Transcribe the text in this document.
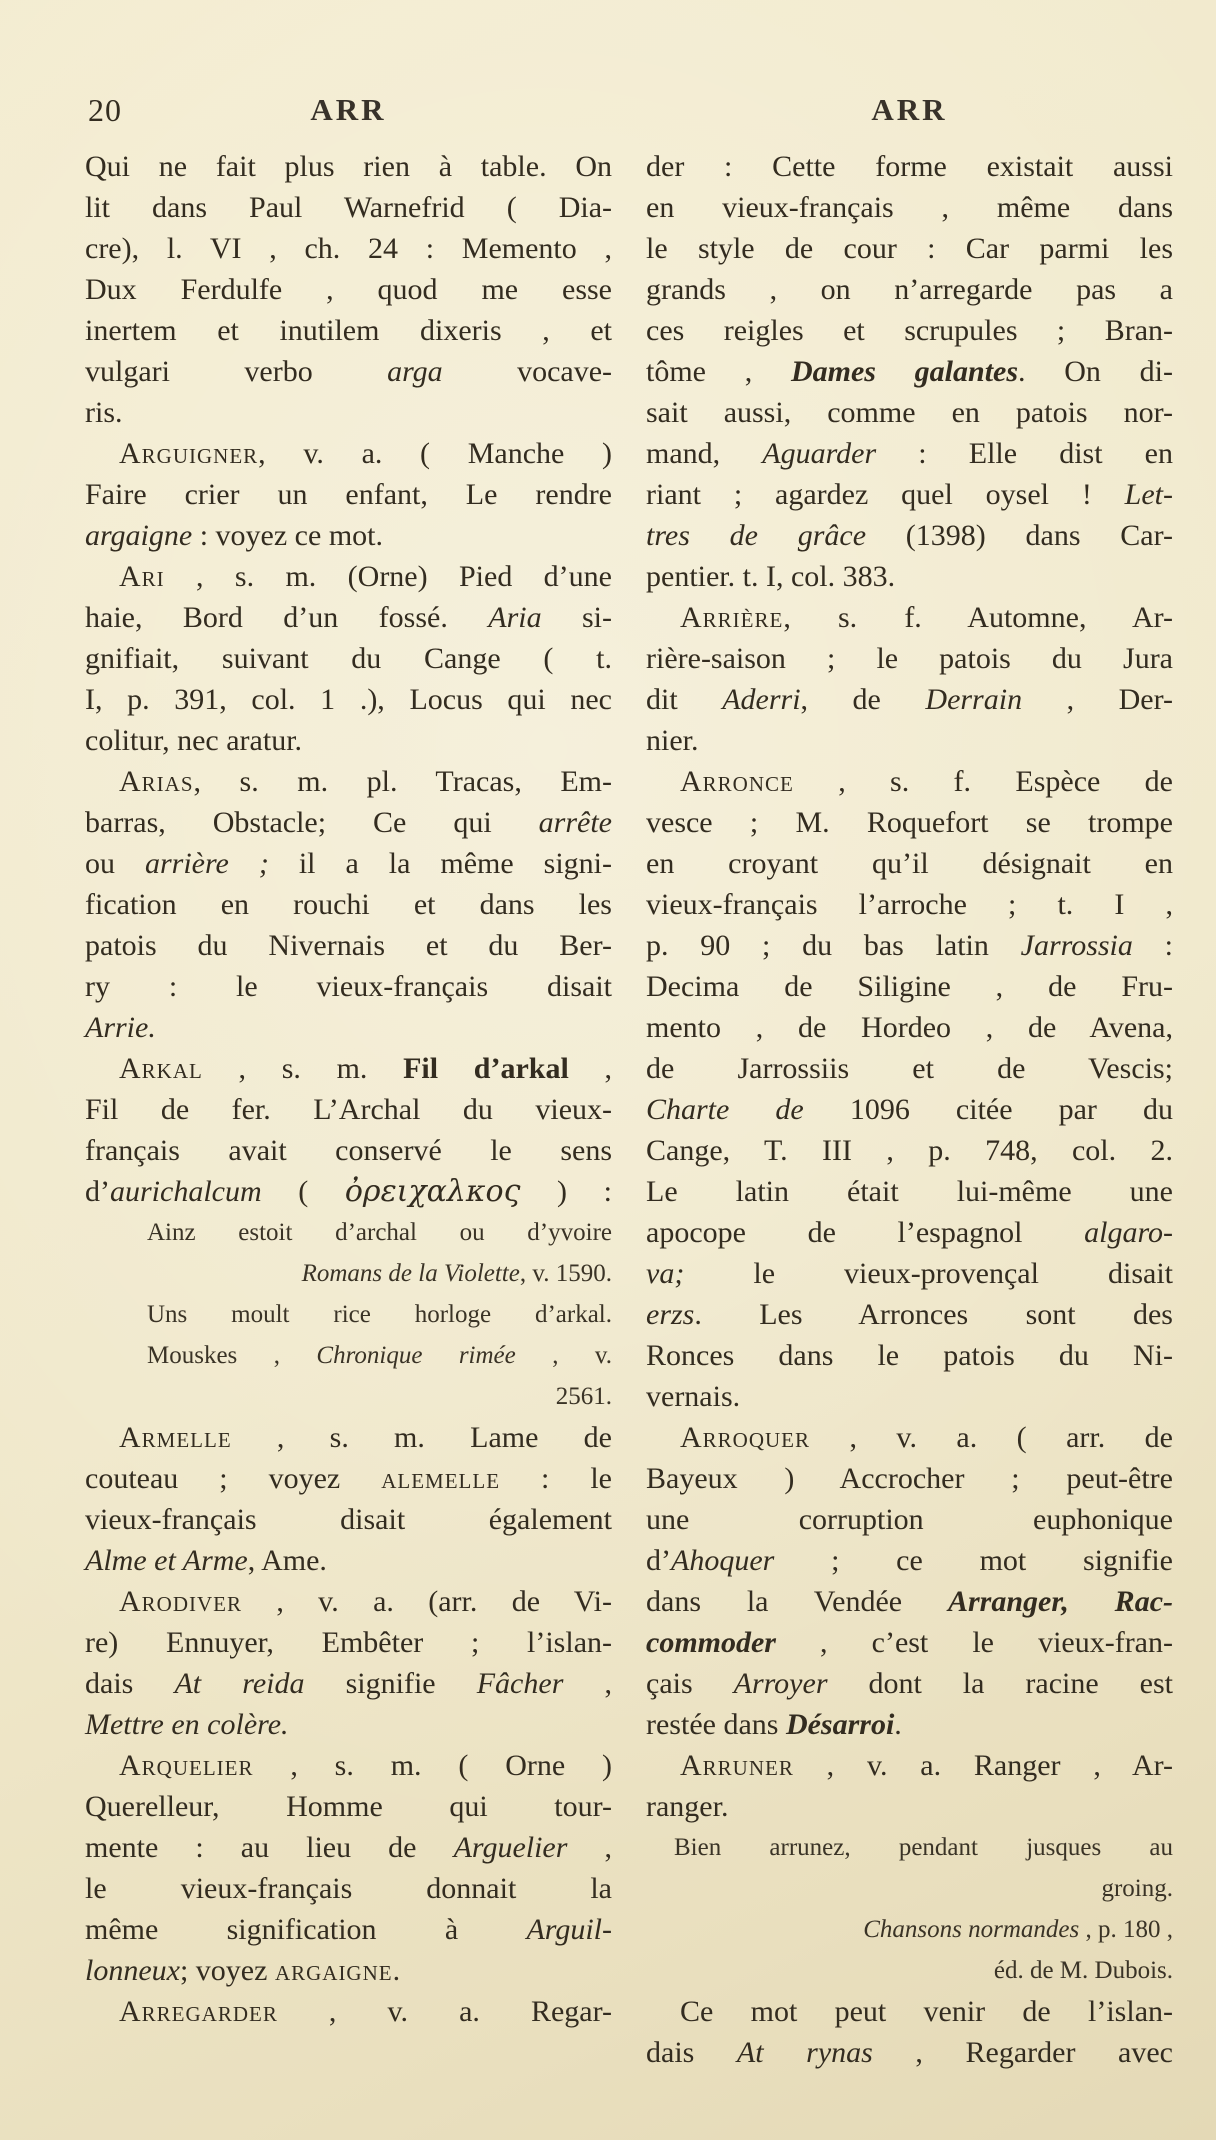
20	ARR	ARR
Qui ne fait plus rien à table. On
lit dans Paul Warnefrid ( Dia-
cre), l. VI , ch. 24 : Memento ,
Dux Ferdulfe , quod me esse
inertem et inutilem dixeris , et
vulgari verbo arga vocave-
ris.
Arguigner, v. a. ( Manche )
Faire crier un enfant, Le rendre
argaigne : voyez ce mot.
Ari , s. m. (Orne) Pied d’une
haie, Bord d’un fossé. Aria si-
gnifiait, suivant du Cange ( t.
I, p. 391, col. 1 .), Locus qui nec
colitur, nec aratur.
Arias, s. m. pl. Tracas, Em-
barras, Obstacle; Ce qui arrête
ou arrière ; il a la même signi-
fication en rouchi et dans les
patois du Nivernais et du Ber-
ry : le vieux-français disait
Arrie.
Arkal , s. m. Fil d’arkal ,
Fil de fer. L’Archal du vieux-
français avait conservé le sens
d’aurichalcum ( ὀρειχαλκος ) :
Ainz estoit d’archal ou d’yvoire
Romans de la Violette, v. 1590.
Uns moult rice horloge d’arkal.
Mouskes , Chronique rimée , v.
2561.
Armelle , s. m. Lame de
couteau ; voyez alemelle : le
vieux-français disait également
Alme et Arme, Ame.
Arodiver , v. a. (arr. de Vi-
re) Ennuyer, Embêter ; l’islan-
dais At reida signifie Fâcher ,
Mettre en colère.
Arquelier , s. m. ( Orne )
Querelleur, Homme qui tour-
mente : au lieu de Arguelier ,
le vieux-français donnait la
même signification à Arguil-
lonneux; voyez argaigne.
Arregarder , v. a. Regar-
der : Cette forme existait aussi
en vieux-français , même dans
le style de cour : Car parmi les
grands , on n’arregarde pas a
ces reigles et scrupules ; Bran-
tôme , Dames galantes. On di-
sait aussi, comme en patois nor-
mand, Aguarder : Elle dist en
riant ; agardez quel oysel ! Let-
tres de grâce (1398) dans Car-
pentier. t. I, col. 383.
Arrière, s. f. Automne, Ar-
rière-saison ; le patois du Jura
dit Aderri, de Derrain , Der-
nier.
Arronce , s. f. Espèce de
vesce ; M. Roquefort se trompe
en croyant qu’il désignait en
vieux-français l’arroche ; t. I ,
p. 90 ; du bas latin Jarrossia :
Decima de Siligine , de Fru-
mento , de Hordeo , de Avena,
de Jarrossiis et de Vescis;
Charte de 1096 citée par du
Cange, T. III , p. 748, col. 2.
Le latin était lui-même une
apocope de l’espagnol algaro-
va; le vieux-provençal disait
erzs. Les Arronces sont des
Ronces dans le patois du Ni-
vernais.
Arroquer , v. a. ( arr. de
Bayeux ) Accrocher ; peut-être
une corruption euphonique
d’Ahoquer ; ce mot signifie
dans la Vendée Arranger, Rac-
commoder , c’est le vieux-fran-
çais Arroyer dont la racine est
restée dans Désarroi.
Arruner , v. a. Ranger , Ar-
ranger.
Bien arrunez, pendant jusques au
groing.
Chansons normandes , p. 180 ,
éd. de M. Dubois.
Ce mot peut venir de l’islan-
dais At rynas , Regarder avec
